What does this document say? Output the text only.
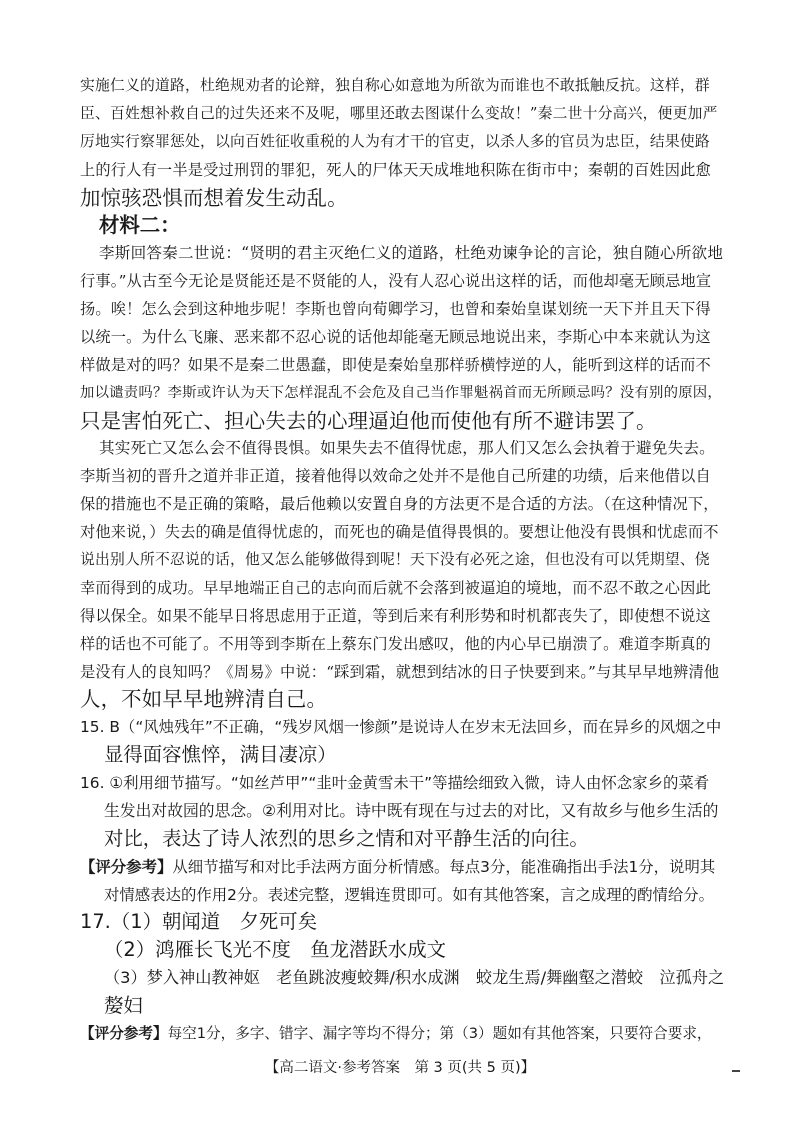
实施仁义的道路，杜绝规劝者的论辩，独自称心如意地为所欲为而谁也不敢抵触反抗。这样，群

臣、百姓想补救自己的过失还来不及呢，哪里还敢去图谋什么变故！”秦二世十分高兴，便更加严

厉地实行察罪惩处，以向百姓征收重税的人为有才干的官吏，以杀人多的官员为忠臣，结果使路

上的行人有一半是受过刑罚的罪犯，死人的尸体天天成堆地积陈在街市中；秦朝的百姓因此愈

加惊骇恐惧而想着发生动乱。

材料二：

李斯回答秦二世说：“贤明的君主灭绝仁义的道路，杜绝劝谏争论的言论，独自随心所欲地

行事。”从古至今无论是贤能还是不贤能的人，没有人忍心说出这样的话，而他却毫无顾忌地宣

扬。唉！怎么会到这种地步呢！李斯也曾向荀卿学习，也曾和秦始皇谋划统一天下并且天下得

以统一。为什么飞廉、恶来都不忍心说的话他却能毫无顾忌地说出来，李斯心中本来就认为这

样做是对的吗？如果不是秦二世愚蠢，即使是秦始皇那样骄横悖逆的人，能听到这样的话而不

加以谴责吗？李斯或许认为天下怎样混乱不会危及自己当作罪魁祸首而无所顾忌吗？没有别的原因，

只是害怕死亡、担心失去的心理逼迫他而使他有所不避讳罢了。

其实死亡又怎么会不值得畏惧。如果失去不值得忧虑，那人们又怎么会执着于避免失去。

李斯当初的晋升之道并非正道，接着他得以效命之处并不是他自己所建的功绩，后来他借以自

保的措施也不是正确的策略，最后他赖以安置自身的方法更不是合适的方法。（在这种情况下，

对他来说，）失去的确是值得忧虑的，而死也的确是值得畏惧的。要想让他没有畏惧和忧虑而不

说出别人所不忍说的话，他又怎么能够做得到呢！天下没有必死之途，但也没有可以凭期望、侥

幸而得到的成功。早早地端正自己的志向而后就不会落到被逼迫的境地，而不忍不敢之心因此

得以保全。如果不能早日将思虑用于正道，等到后来有利形势和时机都丧失了，即使想不说这

样的话也不可能了。不用等到李斯在上蔡东门发出感叹，他的内心早已崩溃了。难道李斯真的

是没有人的良知吗？《周易》中说：“踩到霜，就想到结冰的日子快要到来。”与其早早地辨清他

人，不如早早地辨清自己。

15. B（“风烛残年”不正确，“残岁风烟一惨颜”是说诗人在岁末无法回乡，而在异乡的风烟之中

显得面容憔悴，满目凄凉）

16. ①利用细节描写。“如丝芦甲”“韭叶金黄雪未干”等描绘细致入微，诗人由怀念家乡的菜肴

生发出对故园的思念。②利用对比。诗中既有现在与过去的对比，又有故乡与他乡生活的

对比，表达了诗人浓烈的思乡之情和对平静生活的向往。

【评分参考】从细节描写和对比手法两方面分析情感。每点3分，能准确指出手法1分，说明其

对情感表达的作用2分。表述完整，逻辑连贯即可。如有其他答案，言之成理的酌情给分。

17.（1）朝闻道　夕死可矣

（2）鸿雁长飞光不度　鱼龙潜跃水成文

（3）梦入神山教神妪　老鱼跳波瘦蛟舞/积水成渊　蛟龙生焉/舞幽壑之潜蛟　泣孤舟之

嫠妇

【评分参考】每空1分，多字、错字、漏字等均不得分；第（3）题如有其他答案，只要符合要求，

【高二语文·参考答案　第 3 页(共 5 页)】
